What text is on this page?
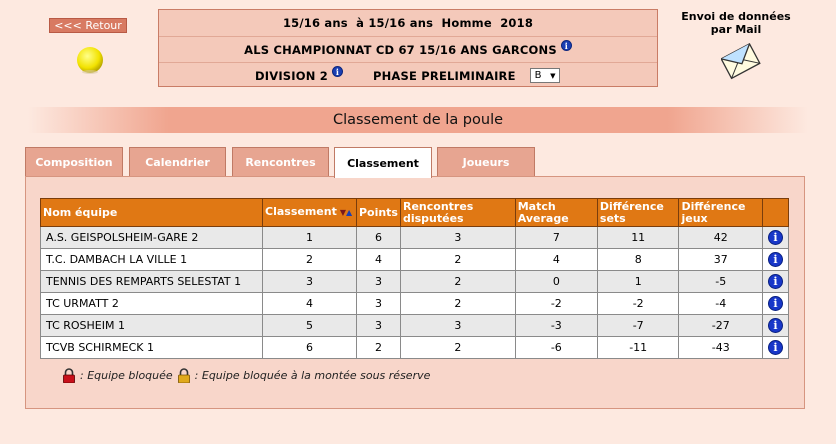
<<< Retour	15/16 ans  à 15/16 ans  Homme  2018
ALS CHAMPIONNAT CD 67 15/16 ANS GARCONS i
DIVISION 2 i	PHASE PRELIMINAIRE B ▼
Envoi de données par Mail
Classement de la poule
Composition	Calendrier	Rencontres	Classement	Joueurs
Nom équipe	Classement ▼▲	Points	Rencontres disputées	Match Average	Différence sets	Différence jeux	
A.S. GEISPOLSHEIM-GARE 2	1	6	3	7	11	42	i
T.C. DAMBACH LA VILLE 1	2	4	2	4	8	37	i
TENNIS DES REMPARTS SELESTAT 1	3	3	2	0	1	-5	i
TC URMATT 2	4	3	2	-2	-2	-4	i
TC ROSHEIM 1	5	3	3	-3	-7	-27	i
TCVB SCHIRMECK 1	6	2	2	-6	-11	-43	i
: Equipe bloquée : Equipe bloquée à la montée sous réserve
